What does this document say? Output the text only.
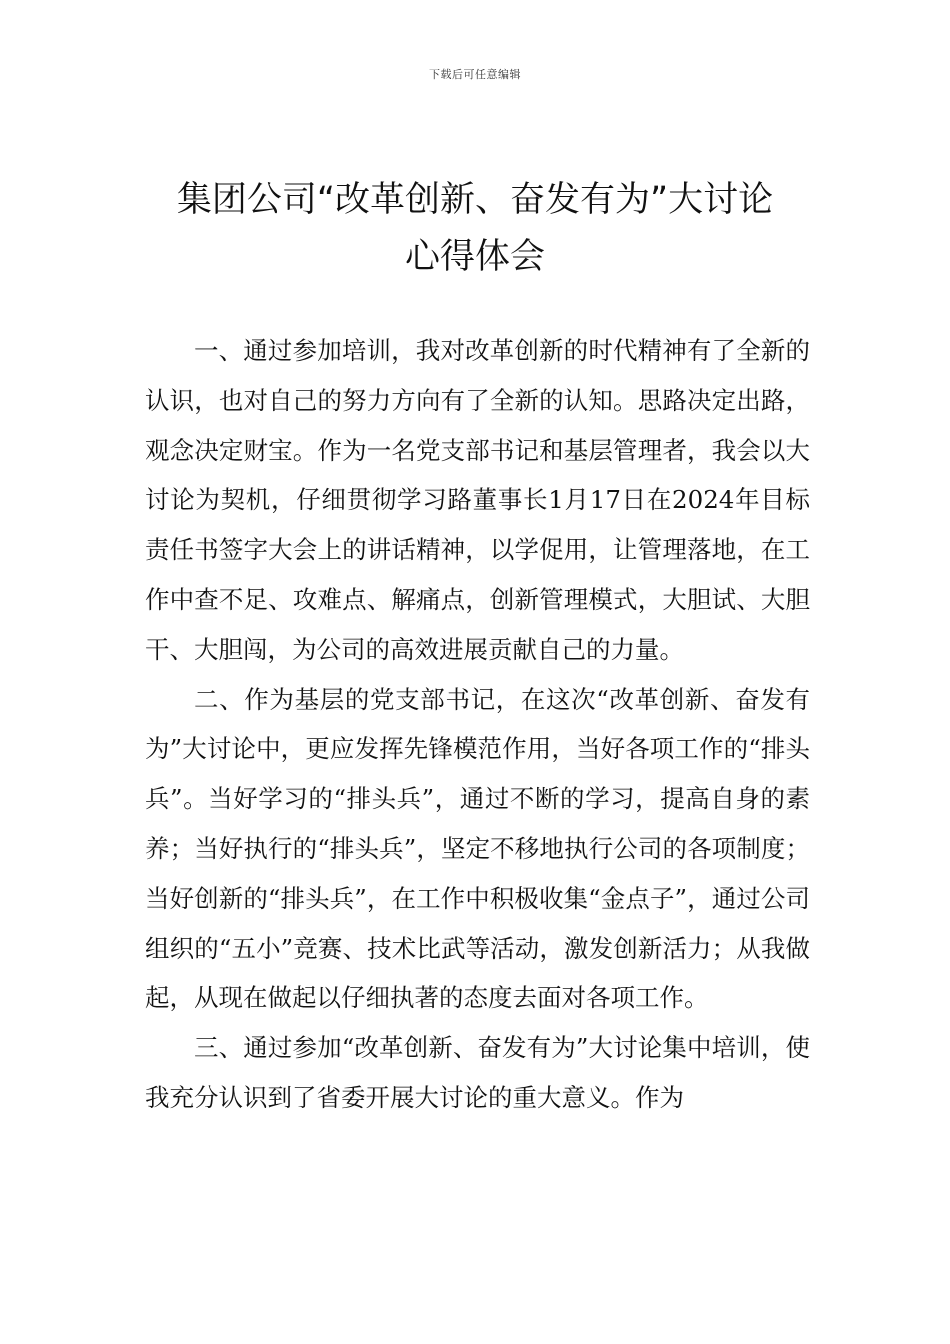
下载后可任意编辑
集团公司“改革创新、奋发有为”大讨论
心得体会

一、通过参加培训，我对改革创新的时代精神有了全新的认识，也对自己的努力方向有了全新的认知。思路决定出路，观念决定财宝。作为一名党支部书记和基层管理者，我会以大讨论为契机，仔细贯彻学习路董事长1月17日在2024年目标责任书签字大会上的讲话精神，以学促用，让管理落地，在工作中查不足、攻难点、解痛点，创新管理模式，大胆试、大胆干、大胆闯，为公司的高效进展贡献自己的力量。

二、作为基层的党支部书记，在这次“改革创新、奋发有为”大讨论中，更应发挥先锋模范作用，当好各项工作的“排头兵”。当好学习的“排头兵”，通过不断的学习，提高自身的素养；当好执行的“排头兵”，坚定不移地执行公司的各项制度；当好创新的“排头兵”，在工作中积极收集“金点子”，通过公司组织的“五小”竞赛、技术比武等活动，激发创新活力；从我做起，从现在做起以仔细执著的态度去面对各项工作。

三、通过参加“改革创新、奋发有为”大讨论集中培训，使我充分认识到了省委开展大讨论的重大意义。作为
